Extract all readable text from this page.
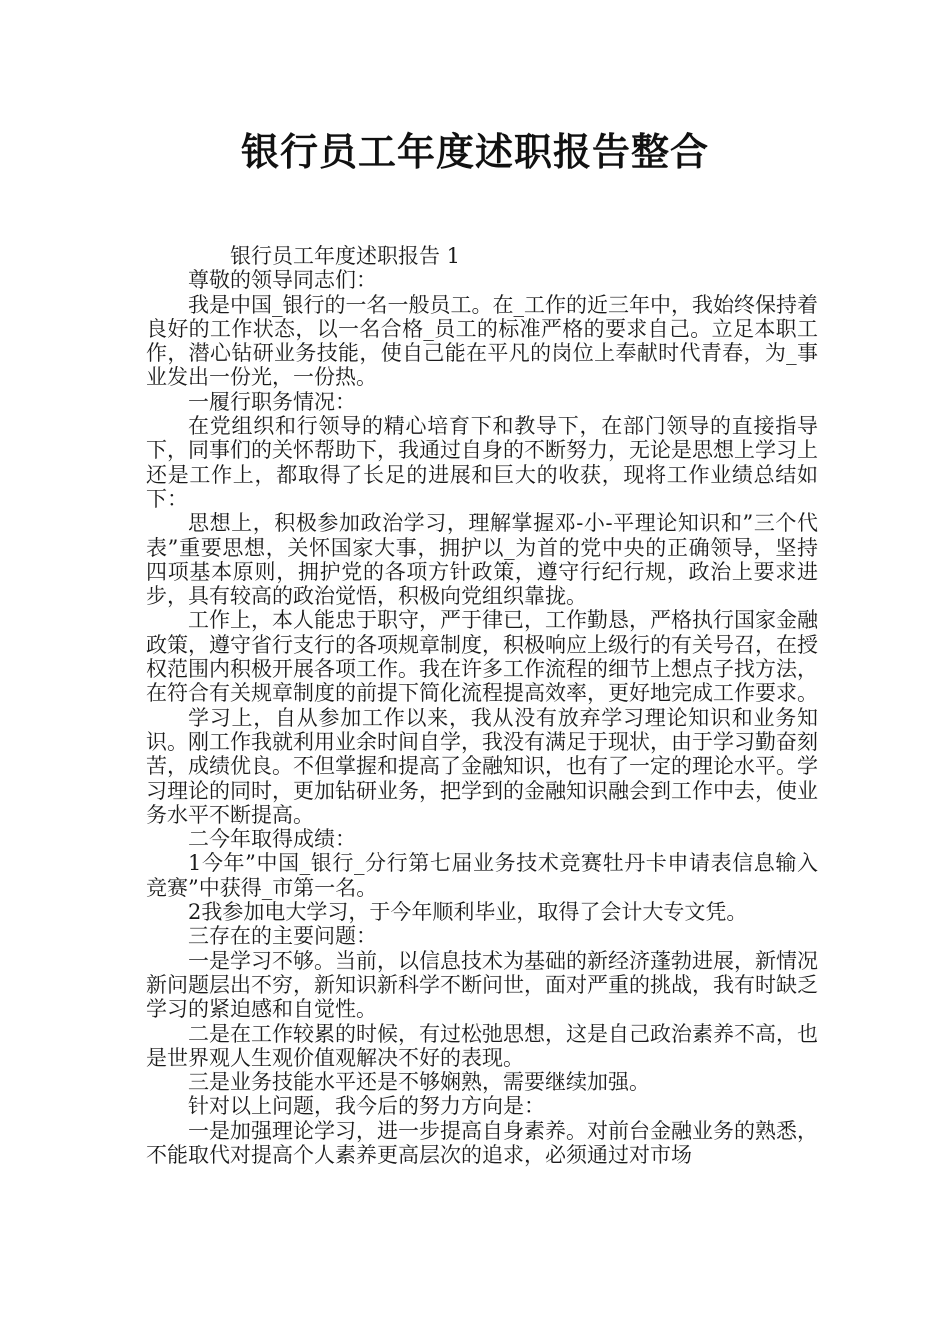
银行员工年度述职报告整合

银行员工年度述职报告 1

尊敬的领导同志们：

我是中国_银行的一名一般员工。在_工作的近三年中，我始终保持着良好的工作状态，以一名合格_员工的标准严格的要求自己。立足本职工作，潜心钻研业务技能，使自己能在平凡的岗位上奉献时代青春，为_事业发出一份光，一份热。

一履行职务情况：

在党组织和行领导的精心培育下和教导下，在部门领导的直接指导下，同事们的关怀帮助下，我通过自身的不断努力，无论是思想上学习上还是工作上，都取得了长足的进展和巨大的收获，现将工作业绩总结如下：

思想上，积极参加政治学习，理解掌握邓-小-平理论知识和”三个代表”重要思想，关怀国家大事，拥护以_为首的党中央的正确领导，坚持四项基本原则，拥护党的各项方针政策，遵守行纪行规，政治上要求进步，具有较高的政治觉悟，积极向党组织靠拢。

工作上，本人能忠于职守，严于律已，工作勤恳，严格执行国家金融政策，遵守省行支行的各项规章制度，积极响应上级行的有关号召，在授权范围内积极开展各项工作。我在许多工作流程的细节上想点子找方法，在符合有关规章制度的前提下简化流程提高效率，更好地完成工作要求。

学习上，自从参加工作以来，我从没有放弃学习理论知识和业务知识。刚工作我就利用业余时间自学，我没有满足于现状，由于学习勤奋刻苦，成绩优良。不但掌握和提高了金融知识，也有了一定的理论水平。学习理论的同时，更加钻研业务，把学到的金融知识融会到工作中去，使业务水平不断提高。

二今年取得成绩：

1今年”中国_银行_分行第七届业务技术竞赛牡丹卡申请表信息输入竞赛”中获得_市第一名。

2我参加电大学习，于今年顺利毕业，取得了会计大专文凭。

三存在的主要问题：

一是学习不够。当前，以信息技术为基础的新经济蓬勃进展，新情况新问题层出不穷，新知识新科学不断问世，面对严重的挑战，我有时缺乏学习的紧迫感和自觉性。

二是在工作较累的时候，有过松弛思想，这是自己政治素养不高，也是世界观人生观价值观解决不好的表现。

三是业务技能水平还是不够娴熟，需要继续加强。

针对以上问题，我今后的努力方向是：

一是加强理论学习，进一步提高自身素养。对前台金融业务的熟悉，不能取代对提高个人素养更高层次的追求，必须通过对市场
